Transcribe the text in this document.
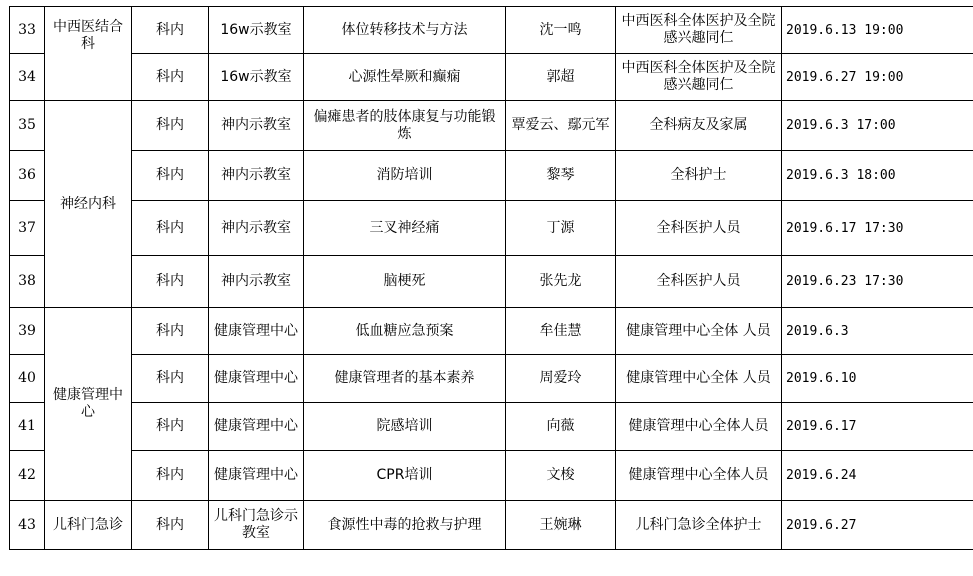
33	中西医结合科	科内	16w示教室	体位转移技术与方法	沈一鸣	中西医科全体医护及全院感兴趣同仁	2019.6.13 19:00
34		科内	16w示教室	心源性晕厥和癫痫	郭超	中西医科全体医护及全院感兴趣同仁	2019.6.27 19:00
35	神经内科	科内	神内示教室	偏瘫患者的肢体康复与功能锻炼	覃爱云、鄢元军	全科病友及家属	2019.6.3 17:00
36		科内	神内示教室	消防培训	黎琴	全科护士	2019.6.3 18:00
37		科内	神内示教室	三叉神经痛	丁源	全科医护人员	2019.6.17 17:30
38		科内	神内示教室	脑梗死	张先龙	全科医护人员	2019.6.23 17:30
39	健康管理中心	科内	健康管理中心	低血糖应急预案	牟佳慧	健康管理中心全体 人员	2019.6.3
40		科内	健康管理中心	健康管理者的基本素养	周爱玲	健康管理中心全体 人员	2019.6.10
41		科内	健康管理中心	院感培训	向薇	健康管理中心全体人员	2019.6.17
42		科内	健康管理中心	CPR培训	文梭	健康管理中心全体人员	2019.6.24
43	儿科门急诊	科内	儿科门急诊示教室	食源性中毒的抢救与护理	王婉琳	儿科门急诊全体护士	2019.6.27
